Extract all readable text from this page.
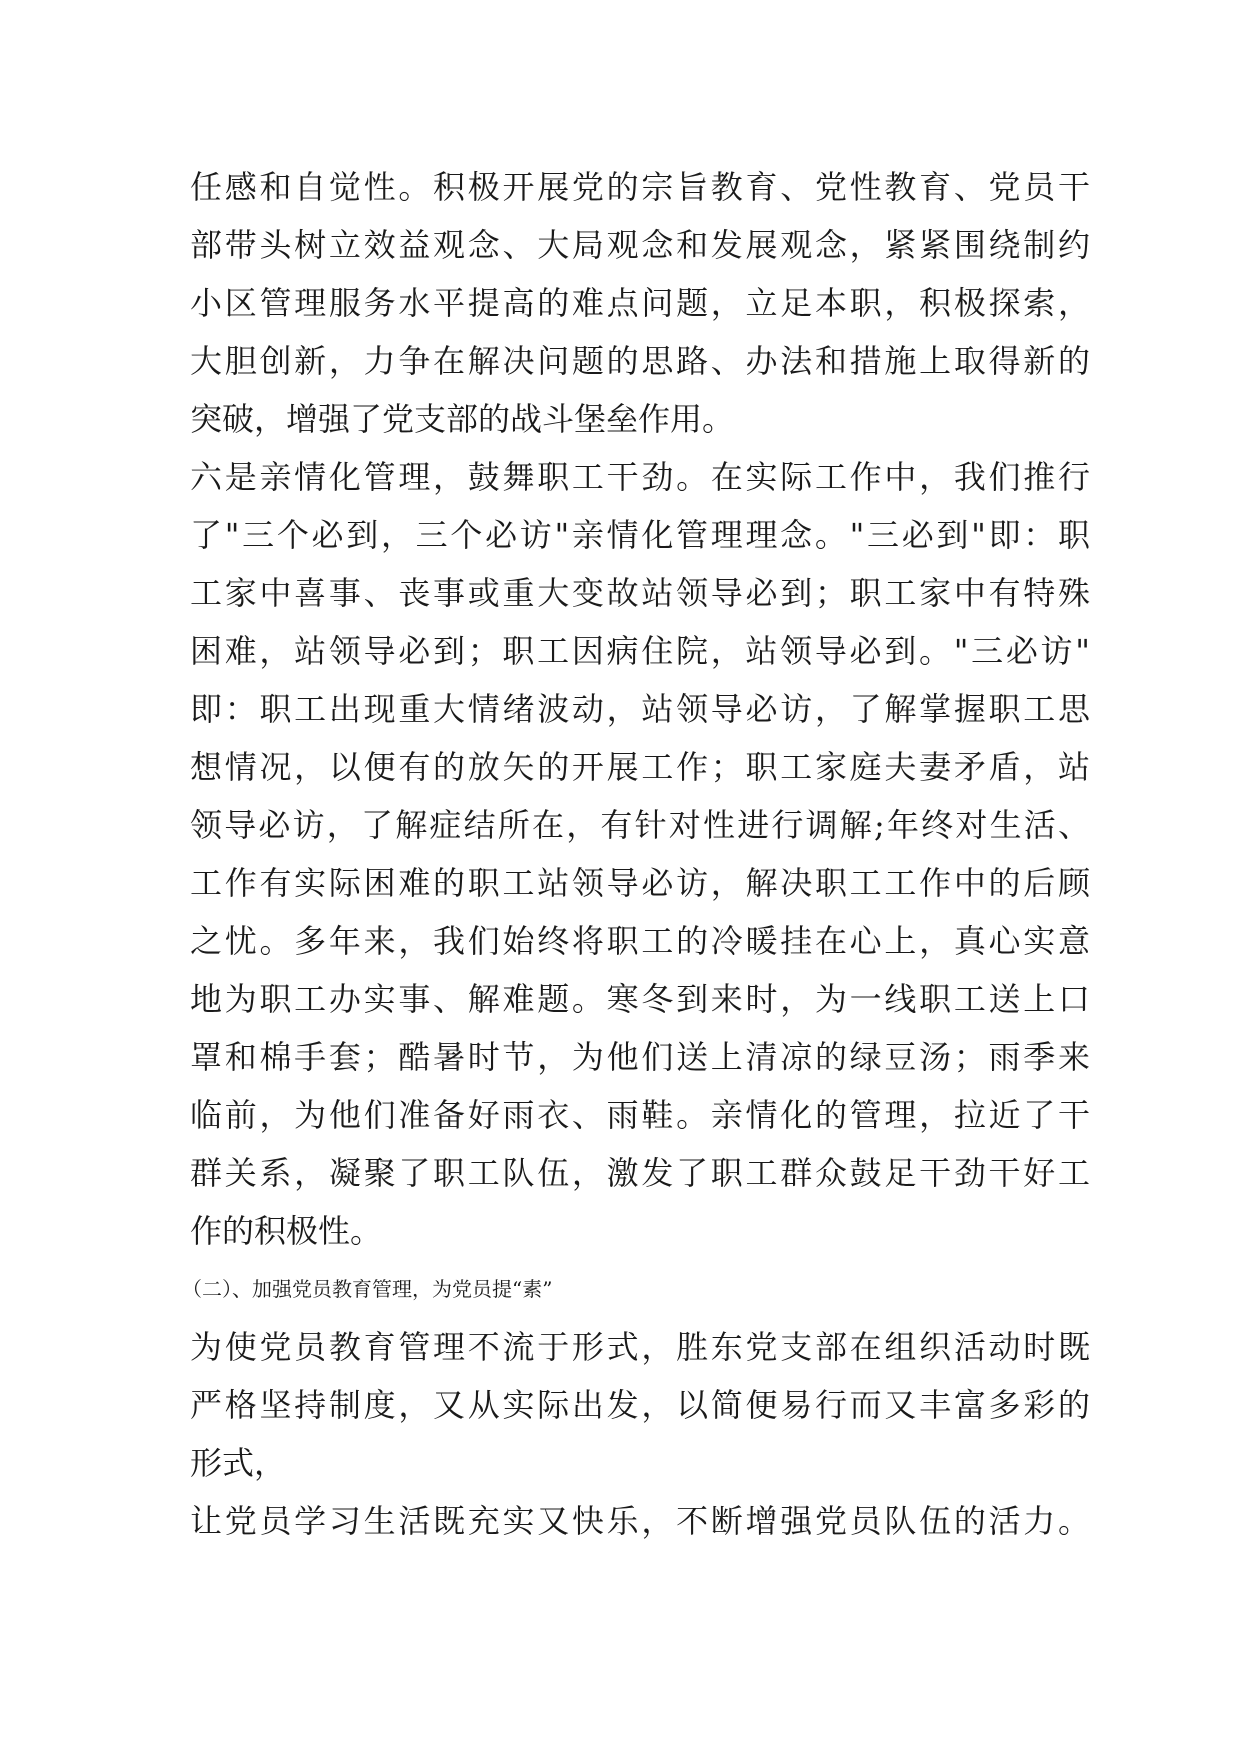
任感和自觉性。积极开展党的宗旨教育、党性教育、党员干
部带头树立效益观念、大局观念和发展观念，紧紧围绕制约
小区管理服务水平提高的难点问题，立足本职，积极探索，
大胆创新，力争在解决问题的思路、办法和措施上取得新的
突破，增强了党支部的战斗堡垒作用。
六是亲情化管理，鼓舞职工干劲。在实际工作中，我们推行
了"三个必到，三个必访"亲情化管理理念。"三必到"即：职
工家中喜事、丧事或重大变故站领导必到；职工家中有特殊
困难，站领导必到；职工因病住院，站领导必到。"三必访"
即：职工出现重大情绪波动，站领导必访，了解掌握职工思
想情况，以便有的放矢的开展工作；职工家庭夫妻矛盾，站
领导必访，了解症结所在，有针对性进行调解;年终对生活、
工作有实际困难的职工站领导必访，解决职工工作中的后顾
之忧。多年来，我们始终将职工的冷暖挂在心上，真心实意
地为职工办实事、解难题。寒冬到来时，为一线职工送上口
罩和棉手套；酷暑时节，为他们送上清凉的绿豆汤；雨季来
临前，为他们准备好雨衣、雨鞋。亲情化的管理，拉近了干
群关系，凝聚了职工队伍，激发了职工群众鼓足干劲干好工
作的积极性。
（二）、加强党员教育管理，为党员提“素”
为使党员教育管理不流于形式，胜东党支部在组织活动时既
严格坚持制度，又从实际出发，以简便易行而又丰富多彩的
形式，
让党员学习生活既充实又快乐，不断增强党员队伍的活力。
